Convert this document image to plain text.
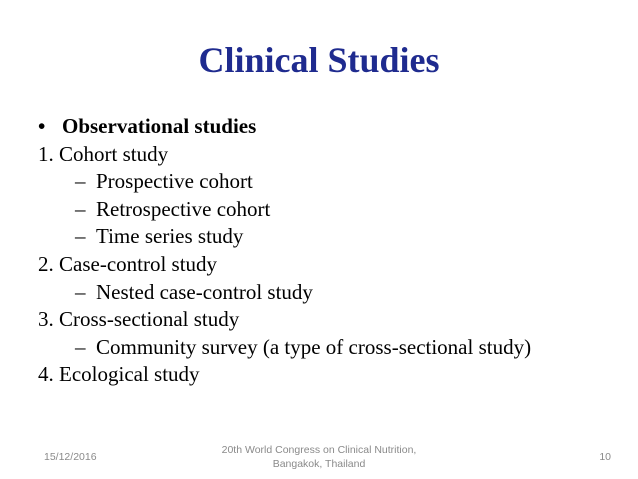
Clinical Studies
• Observational studies
1. Cohort study
– Prospective cohort
– Retrospective cohort
– Time series study
2. Case-control study
– Nested case-control study
3. Cross-sectional study
– Community survey (a type of cross-sectional study)
4. Ecological study
15/12/2016
20th World Congress on Clinical Nutrition,
Bangakok, Thailand
10
